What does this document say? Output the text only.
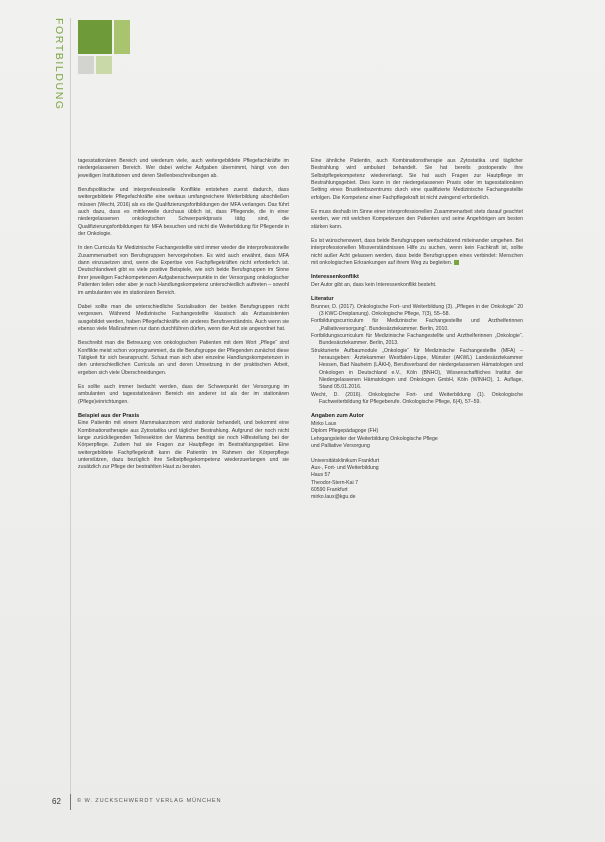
FORTBILDUNG

tagesstationären Bereich und wiederum viele, auch weitergebildete Pflegefachkräfte im niedergelassenen Bereich. Wer dabei welche Aufgaben übernimmt, hängt von den jeweiligen Institutionen und deren Stellenbeschreibungen ab.

Berufspolitische und interprofessionelle Konflikte entstehen zuerst dadurch, dass weitergebildete Pflegefachkräfte eine weitaus umfangreichere Weiterbildung abschließen müssen (Wecht, 2016) als es die Qualifizierungsfortbildungen der MFA verlangen. Das führt auch dazu, dass es mittlerweile durchaus üblich ist, dass Pflegende, die in einer niedergelassenen onkologischen Schwerpunktpraxis tätig sind, die Qualifizierungsfortbildungen für MFA besuchen und nicht die Weiterbildung für Pflegende in der Onkologie.

In den Curricula für Medizinische Fachangestellte wird immer wieder die interprofessionelle Zusammenarbeit von Berufsgruppen hervorgehoben. Es wird auch erwähnt, dass MFA dann einzusetzen sind, wenn die Expertise von Fachpflegekräften nicht erforderlich ist. Deutschlandweit gibt es viele positive Beispiele, wie sich beide Berufsgruppen im Sinne ihrer jeweiligen Fachkompetenzen Aufgabenschwerpunkte in der Versorgung onkologischer Patienten teilen oder aber je nach Handlungskompetenz unterschiedlich auftreten – sowohl im ambulanten wie im stationären Bereich.

Dabei sollte man die unterschiedliche Sozialisation der beiden Berufsgruppen nicht vergessen. Während Medizinische Fachangestellte klassisch als Arztassistenten ausgebildet werden, haben Pflegefachkräfte ein anderes Berufsverständnis. Auch wenn sie ebenso viele Maßnahmen nur dann durchführen dürfen, wenn der Arzt sie angeordnet hat.

Beschreibt man die Betreuung von onkologischen Patienten mit dem Wort „Pflege“ sind Konflikte meist schon vorprogrammiert, da die Berufsgruppe der Pflegenden zunächst diese Tätigkeit für sich beansprucht. Schaut man sich aber einzelne Handlungskompetenzen in den unterschiedlichen Curricula an und deren Umsetzung in der praktischen Arbeit, ergeben sich viele Überschneidungen.

Es sollte auch immer bedacht werden, dass der Schwerpunkt der Versorgung im ambulanten und tagesstationären Bereich ein anderer ist als der im stationären (Pflege)einrichtungen.

Beispiel aus der Praxis

Eine Patientin mit einem Mammakarzinom wird stationär behandelt, und bekommt eine Kombinationstherapie aus Zytostatika und täglicher Bestrahlung. Aufgrund der noch nicht lange zurückliegenden Teilresektion der Mamma benötigt sie noch Hilfestellung bei der Körperpflege. Zudem hat sie Fragen zur Hautpflege im Bestrahlungsgebiet. Eine weitergebildete Fachpflegekraft kann die Patientin im Rahmen der Körperpflege unterstützen, dazu bezüglich ihre Selbstpflegekompetenz wiederzuerlangen und sie zusätzlich zur Pflege der bestrahlten Haut zu beraten.

Eine ähnliche Patientin, auch Kombinationstherapie aus Zytostatika und täglicher Bestrahlung wird ambulant behandelt. Sie hat bereits postoperativ ihre Selbstpflegekompetenz wiedererlangt. Sie hat auch Fragen zur Hautpflege im Bestrahlungsgebiet. Dies kann in der niedergelassenen Praxis oder im tagesstationären Setting eines Brustkrebszentrums durch eine qualifizierte Medizinische Fachangestellte erfolgen. Die Kompetenz einer Fachpflegekraft ist nicht zwingend erforderlich.

Es muss deshalb im Sinne einer interprofessionellen Zusammenarbeit stets darauf geachtet werden, wer mit welchen Kompetenzen den Patienten und seine Angehörigen am besten stärken kann.

Es ist wünschenswert, dass beide Berufsgruppen wertschätzend miteinander umgehen. Bei interprofessionellen Missverständnissen Hilfe zu suchen, wenn kein Fachkraft ist, sollte nicht außer Acht gelassen werden, dass beide Berufsgruppen eines verbindet: Menschen mit onkologischen Erkrankungen auf ihrem Weg zu begleiten.

Interessenkonflikt

Der Autor gibt an, dass kein Interessenkonflikt besteht.

Literatur

Brunner, D. (2017). Onkologische Fort- und Weiterbildung (3). „Pflegen in der Onkologie“ 20 (3 KWC-Dreiplanung). Onkologische Pflege, 7(3), 55–58.

Fortbildungscurriculum für Medizinische Fachangestellte und Arzthelferinnen „Palliativversorgung“. Bundesärztekammer. Berlin, 2010.

Fortbildungscurriculum für Medizinische Fachangestellte und Arzthelferinnen „Onkologie“. Bundesärztekammer. Berlin, 2013.

Strukturierte Aufbaumodule „Onkologie“ für Medizinische Fachangestellte (MFA) – herausgeben: Ärztekammer Westfalen-Lippe, Münster (AKWL) Landesärztekammer Hessen, Bad Nauheim (LÄKH), Berufsverband der niedergelassenen Hämatologen und Onkologen in Deutschland e.V., Köln (BNHO), Wissenschaftliches Institut der Niedergelassenen Hämatologen und Onkologen GmbH, Köln (WINHO), 1. Auflage, Stand 05.01.2016.

Wecht, D. (2016). Onkologische Fort- und Weiterbildung (1). Onkologische Fachweiterbildung für Pflegeberufe. Onkologische Pflege, 6(4), 57–59.

Angaben zum Autor

Mirko Laux

Diplom Pflegepädagoge (FH)

Lehrgangsleiter der Weiterbildung Onkologische Pflege

und Palliative Versorgung

Universitätsklinikum Frankfurt

Aus-, Fort- und Weiterbildung

Haus 57

Theodor-Stern-Kai 7

60590 Frankfurt

mirko.laux@kgu.de

62	© W. ZUCKSCHWERDT VERLAG MÜNCHEN
